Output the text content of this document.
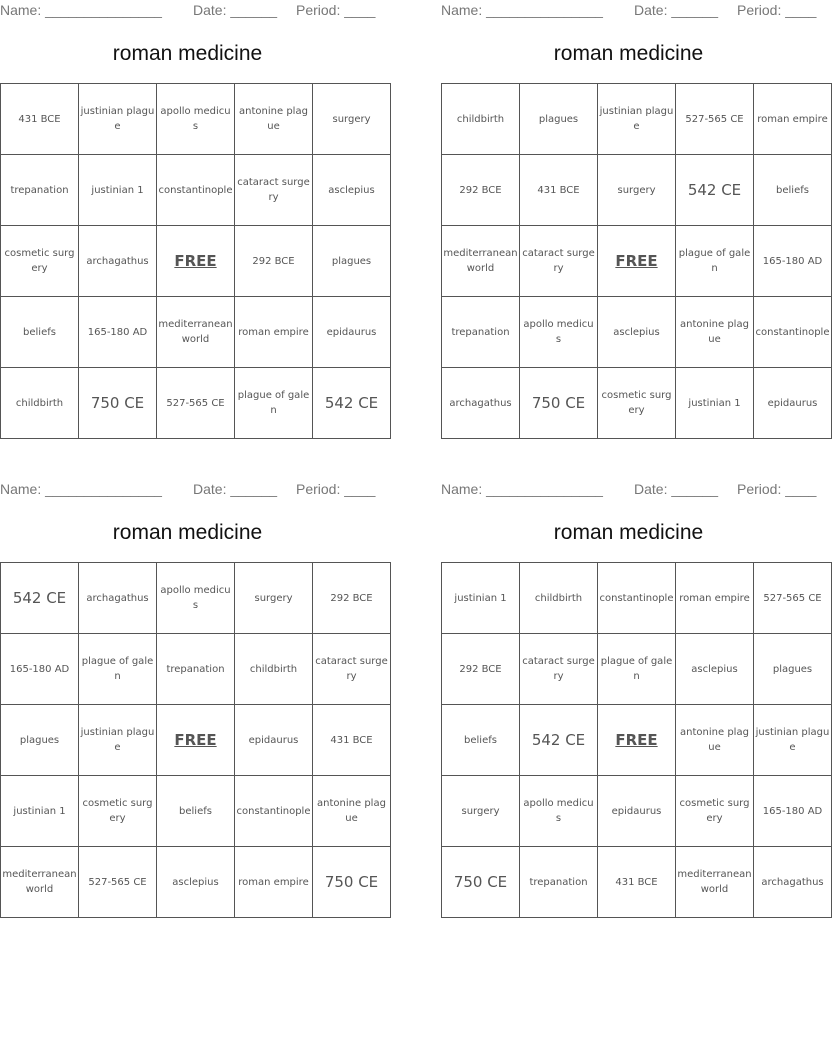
Name: _______________ Date: ______ Period: ____
roman medicine
431 BCE	justinian plague	apollo medicus	antonine plague	surgery
trepanation	justinian 1	constantinople	cataract surgery	asclepius
cosmetic surgery	archagathus	FREE	292 BCE	plagues
beliefs	165-180 AD	mediterranean world	roman empire	epidaurus
childbirth	750 CE	527-565 CE	plague of galen	542 CE
Name: _______________ Date: ______ Period: ____
roman medicine
childbirth	plagues	justinian plague	527-565 CE	roman empire
292 BCE	431 BCE	surgery	542 CE	beliefs
mediterranean world	cataract surgery	FREE	plague of galen	165-180 AD
trepanation	apollo medicus	asclepius	antonine plague	constantinople
archagathus	750 CE	cosmetic surgery	justinian 1	epidaurus
Name: _______________ Date: ______ Period: ____
roman medicine
542 CE	archagathus	apollo medicus	surgery	292 BCE
165-180 AD	plague of galen	trepanation	childbirth	cataract surgery
plagues	justinian plague	FREE	epidaurus	431 BCE
justinian 1	cosmetic surgery	beliefs	constantinople	antonine plague
mediterranean world	527-565 CE	asclepius	roman empire	750 CE
Name: _______________ Date: ______ Period: ____
roman medicine
justinian 1	childbirth	constantinople	roman empire	527-565 CE
292 BCE	cataract surgery	plague of galen	asclepius	plagues
beliefs	542 CE	FREE	antonine plague	justinian plague
surgery	apollo medicus	epidaurus	cosmetic surgery	165-180 AD
750 CE	trepanation	431 BCE	mediterranean world	archagathus
